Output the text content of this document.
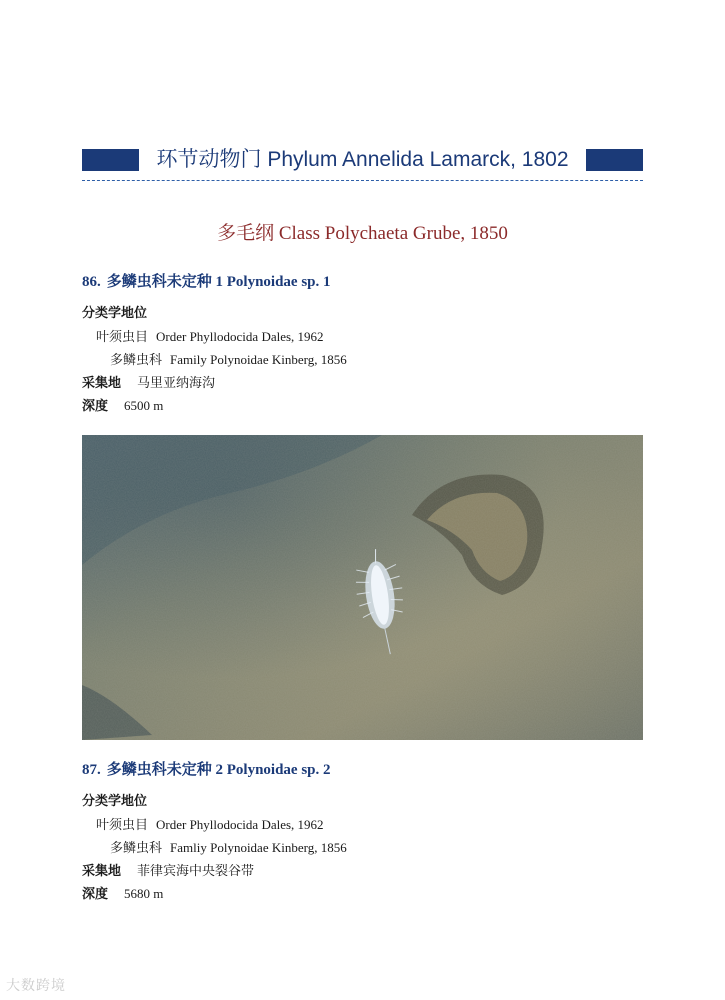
环节动物门 Phylum Annelida Lamarck, 1802
多毛纲 Class Polychaeta Grube, 1850
86. 多鳞虫科未定种 1 Polynoidae sp. 1
分类学地位
叶须虫目 Order Phyllodocida Dales, 1962
多鳞虫科 Family Polynoidae Kinberg, 1856
采集地 马里亚纳海沟
深度 6500 m
87. 多鳞虫科未定种 2 Polynoidae sp. 2
分类学地位
叶须虫目 Order Phyllodocida Dales, 1962
多鳞虫科 Famliy Polynoidae Kinberg, 1856
采集地 菲律宾海中央裂谷带
深度 5680 m
大数跨境
